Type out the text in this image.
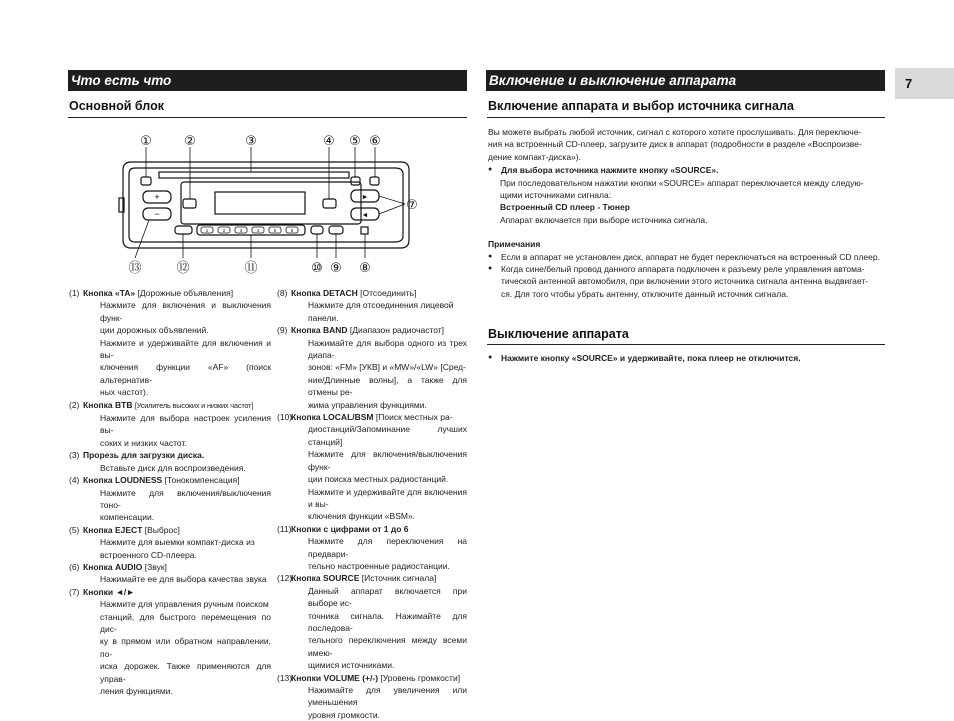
7
Что есть что
Основной блок
+
−
►
◄
1	2	3	4	5	6
① ②	③	④ ⑤ ⑥
⑦
⑬	⑫	⑪	⑩ ⑨ ⑧
(1) Кнопка «TA» [Дорожные объявления]

Нажмите для включения и выключения функ-

ции дорожных объявлений.

Нажмите и удерживайте для включения и вы-

ключения функции «AF» (поиск альтернатив-

ных частот).

(2) Кнопка BTB [Усилитель высоких и низких частот]

Нажмите для выбора настроек усиления вы-

соких и низких частот.

(3) Прорезь для загрузки диска.

Вставьте диск для воспроизведения.

(4) Кнопка LOUDNESS [Тонокомпенсация]

Нажмите для включения/выключения тоно-

компенсации.

(5) Кнопка EJECT [Выброс]

Нажмите для выемки компакт-диска из

встроенного CD-плеера.

(6) Кнопка AUDIO [Звук]

Нажимайте ее для выбора качества звука

(7) Кнопки ◄/►

Нажмите для управления ручным поиском

станций, для быстрого перемещения по дис-

ку в прямом или обратном направлении, по-

иска дорожек. Также применяются для управ-

ления функциями.

(8) Кнопка DETACH [Отсоединить]

Нажмите для отсоединения лицевой панели.

(9) Кнопка BAND [Диапазон радиочастот]

Нажимайте для выбора одного из трех диапа-

зонов: «FM» [УКВ] и «MW»/«LW» [Сред-

ние/Длинные волны], а также для отмены ре-

жима управления функциями.

(10)
Кнопка LOCAL/BSM [Поиск местных ра-

диостанций/Запоминание лучших станций]

Нажмите для включения/выключения функ-

ции поиска местных радиостанций.

Нажмите и удерживайте для включения и вы-

ключения функции «BSM».

(11) Кнопки с цифрами от 1 до 6

Нажмите для переключения на предвари-

тельно настроенные радиостанции.

(12)
Кнопка SOURCE [Источник сигнала]

Данный аппарат включается при выборе ис-

точника сигнала. Нажимайте для последова-

тельного переключения между всеми имею-

щимися источниками.

(13)
Кнопки VOLUME (+/-) [Уровень громкости]

Нажимайте для увеличения или уменьшения

уровня громкости.

Включение и выключение аппарата
Включение аппарата и выбор источника сигнала

Вы можете выбрать любой источник, сигнал с которого хотите прослушивать. Для переключе-

ния на встроенный CD-плеер, загрузите диск в аппарат (подробности в разделе «Воспроизве-

дение компакт-диска»).

● Для выбора источника нажмите кнопку «SOURCE».

При последовательном нажатии кнопки «SOURCE» аппарат переключается между следую-

щими источниками сигнала:

Встроенный CD плеер - Тюнер

Аппарат включается при выборе источника сигнала.

Примечания

● Если в аппарат не установлен диск, аппарат не будет переключаться на встроенный CD плеер.

● Когда сине/белый провод данного аппарата подключен к разъему реле управления автома-

тической антенной автомобиля, при включении этого источника сигнала антенна выдвигает-

ся. Для того чтобы убрать антенну, отключите данный источник сигнала.

Выключение аппарата
● Нажмите кнопку «SOURCE» и удерживайте, пока плеер не отключится.
